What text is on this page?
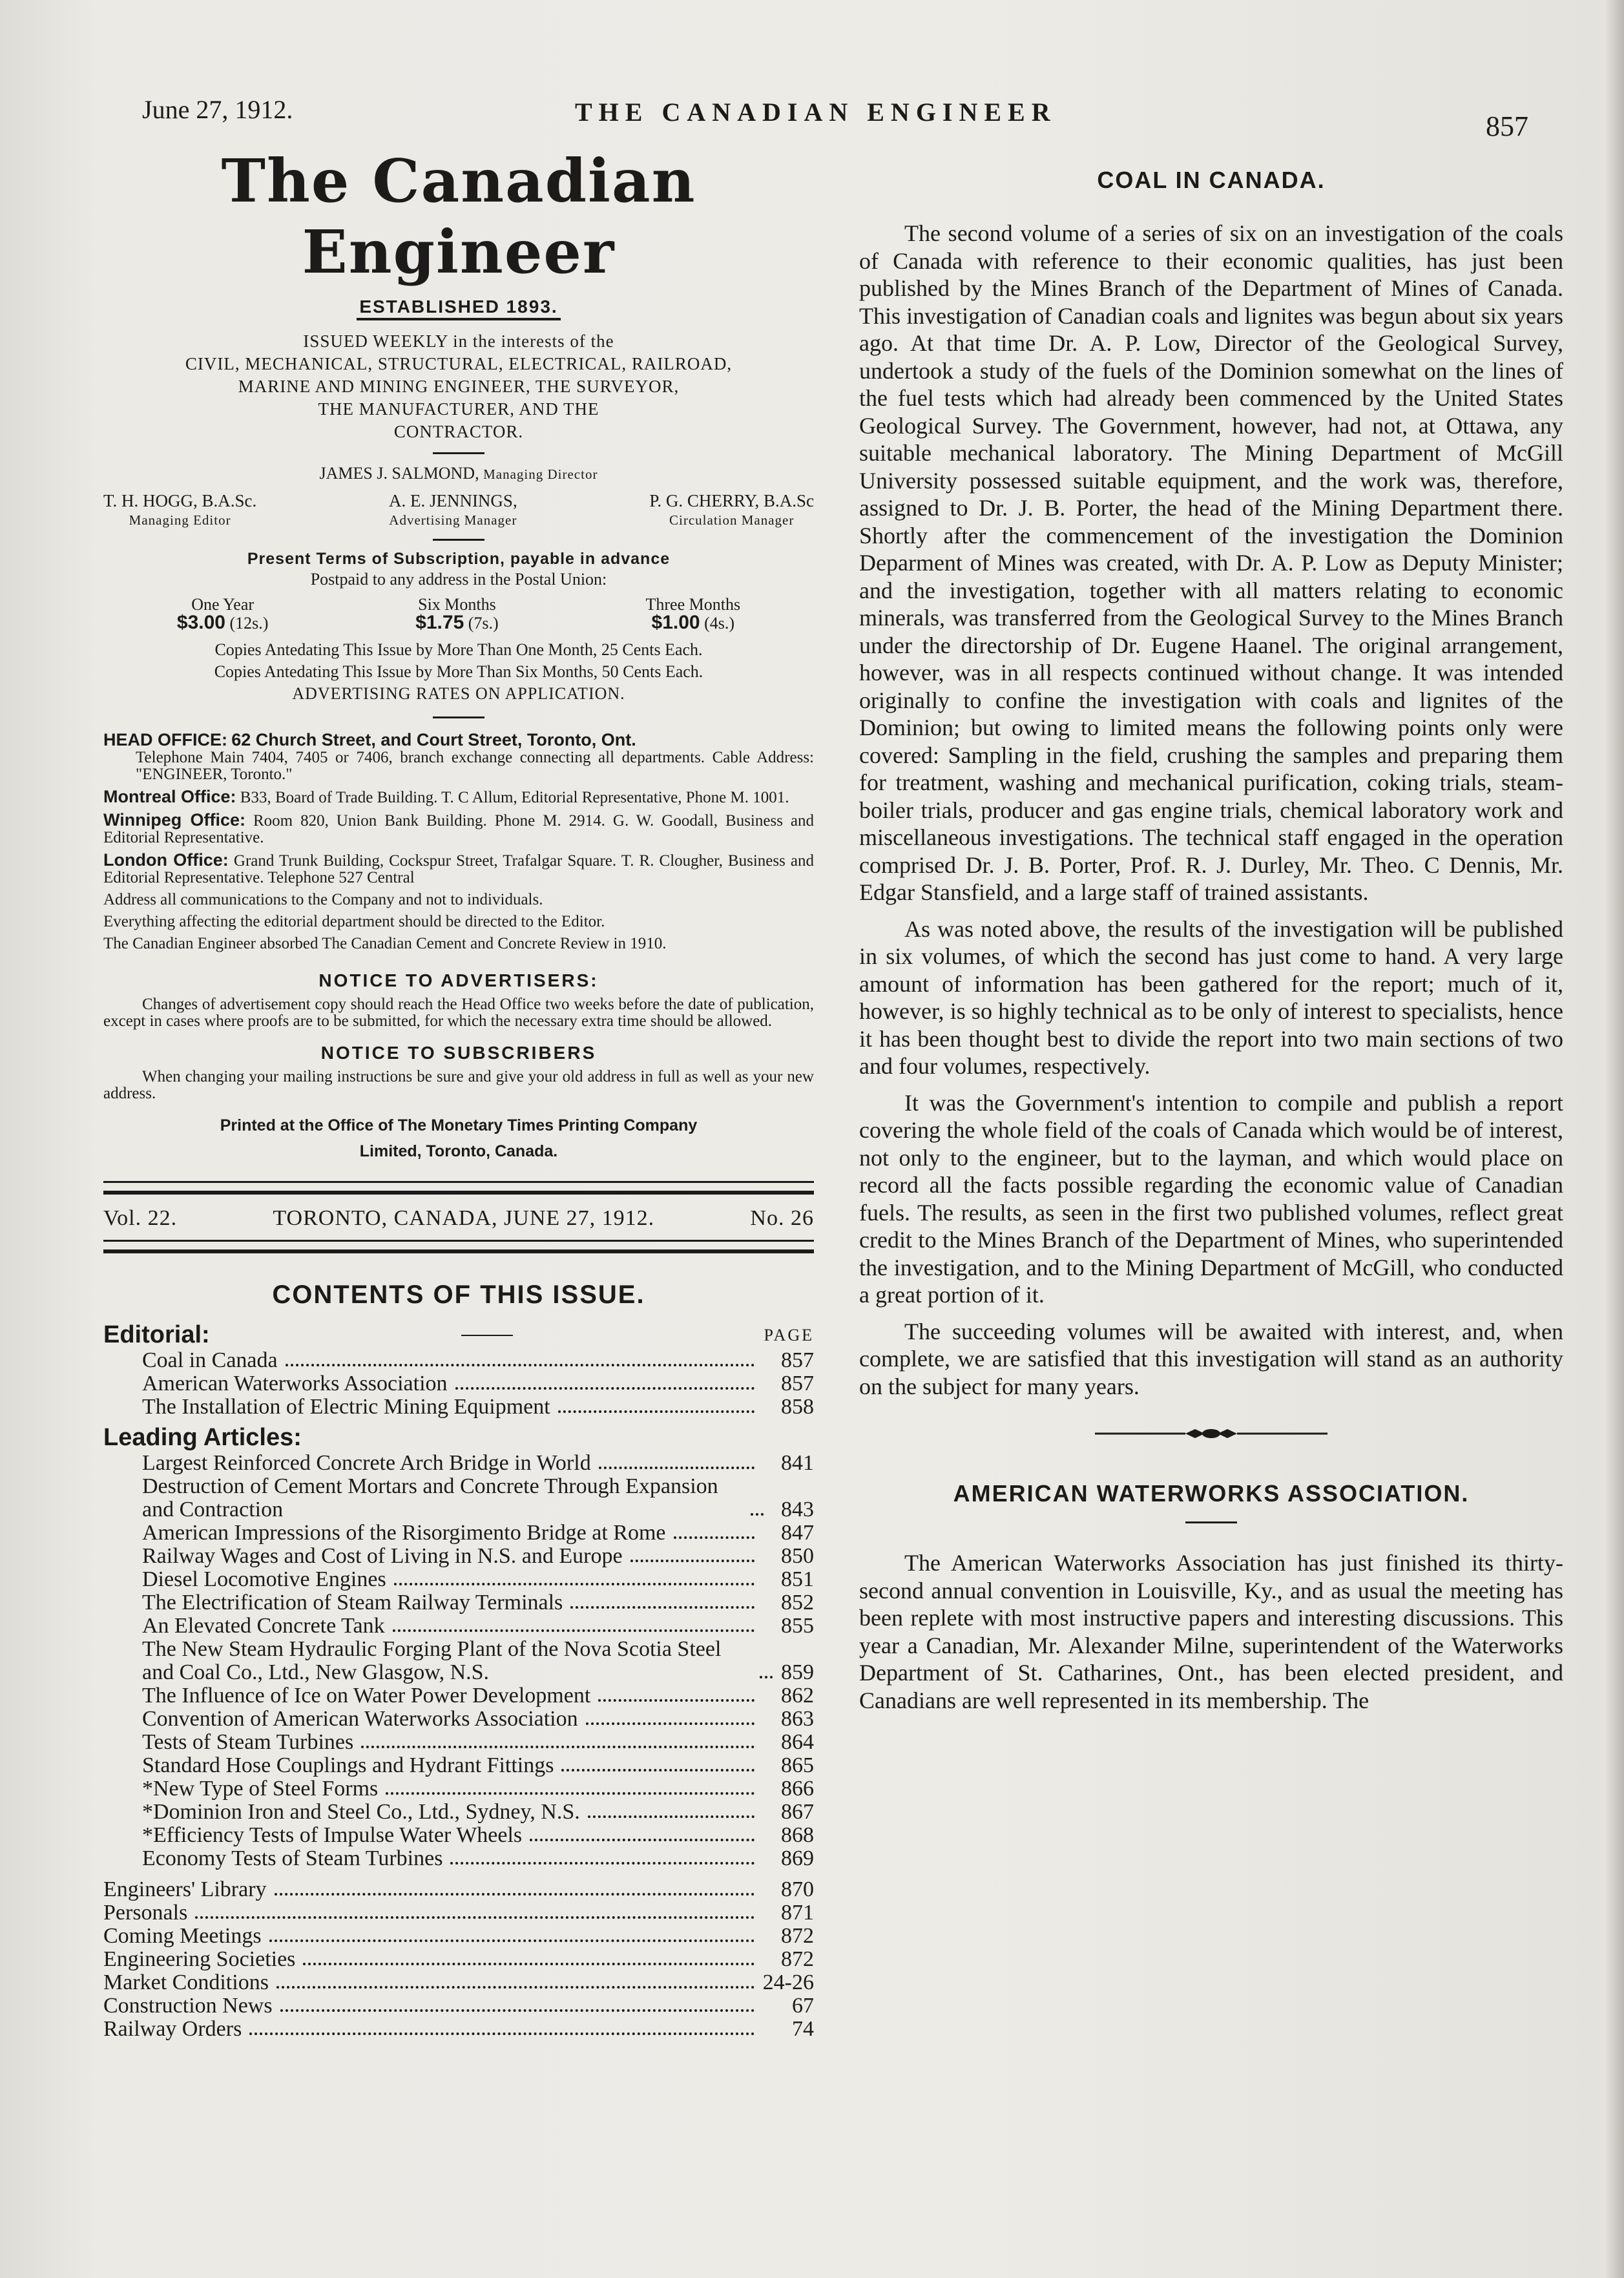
June 27, 1912.	THE CANADIAN ENGINEER	857
The Canadian Engineer
ESTABLISHED 1893.
ISSUED WEEKLY in the interests of the
CIVIL, MECHANICAL, STRUCTURAL, ELECTRICAL, RAILROAD,
MARINE AND MINING ENGINEER, THE SURVEYOR,
THE MANUFACTURER, AND THE
CONTRACTOR.
JAMES J. SALMOND, Managing Director
T. H. HOGG, B.A.Sc.
Managing Editor
A. E. JENNINGS,
Advertising Manager
P. G. CHERRY, B.A.Sc
Circulation Manager
Present Terms of Subscription, payable in advance
Postpaid to any address in the Postal Union:
One Year
$3.00 (12s.)
Six Months
$1.75 (7s.)
Three Months
$1.00 (4s.)
Copies Antedating This Issue by More Than One Month, 25 Cents Each.
Copies Antedating This Issue by More Than Six Months, 50 Cents Each.
ADVERTISING RATES ON APPLICATION.
HEAD OFFICE: 62 Church Street, and Court Street, Toronto, Ont.
Telephone Main 7404, 7405 or 7406, branch exchange connecting all departments. Cable Address: "ENGINEER, Toronto."
Montreal Office: B33, Board of Trade Building. T. C Allum, Editorial Representative, Phone M. 1001.
Winnipeg Office: Room 820, Union Bank Building. Phone M. 2914. G. W. Goodall, Business and Editorial Representative.
London Office: Grand Trunk Building, Cockspur Street, Trafalgar Square. T. R. Clougher, Business and Editorial Representative. Telephone 527 Central
Address all communications to the Company and not to individuals.
Everything affecting the editorial department should be directed to the Editor.
The Canadian Engineer absorbed The Canadian Cement and Concrete Review in 1910.
NOTICE TO ADVERTISERS:
Changes of advertisement copy should reach the Head Office two weeks before the date of publication, except in cases where proofs are to be submitted, for which the necessary extra time should be allowed.
NOTICE TO SUBSCRIBERS
When changing your mailing instructions be sure and give your old address in full as well as your new address.
Printed at the Office of The Monetary Times Printing Company
Limited, Toronto, Canada.
Vol. 22.	TORONTO, CANADA, JUNE 27, 1912.	No. 26
CONTENTS OF THIS ISSUE.
Editorial:	PAGE
Coal in Canada	857
American Waterworks Association	857
The Installation of Electric Mining Equipment	858
Leading Articles:
Largest Reinforced Concrete Arch Bridge in World	841
Destruction of Cement Mortars and Concrete Through Expansion and Contraction	843
American Impressions of the Risorgimento Bridge at Rome	847
Railway Wages and Cost of Living in N.S. and Europe	850
Diesel Locomotive Engines	851
The Electrification of Steam Railway Terminals	852
An Elevated Concrete Tank	855
The New Steam Hydraulic Forging Plant of the Nova Scotia Steel and Coal Co., Ltd., New Glasgow, N.S.	859
The Influence of Ice on Water Power Development	862
Convention of American Waterworks Association	863
Tests of Steam Turbines	864
Standard Hose Couplings and Hydrant Fittings	865
*New Type of Steel Forms	866
*Dominion Iron and Steel Co., Ltd., Sydney, N.S.	867
*Efficiency Tests of Impulse Water Wheels	868
Economy Tests of Steam Turbines	869
Engineers' Library	870
Personals	871
Coming Meetings	872
Engineering Societies	872
Market Conditions	24-26
Construction News	67
Railway Orders	74
COAL IN CANADA.

The second volume of a series of six on an investigation of the coals of Canada with reference to their economic qualities, has just been published by the Mines Branch of the Department of Mines of Canada. This investigation of Canadian coals and lignites was begun about six years ago. At that time Dr. A. P. Low, Director of the Geological Survey, undertook a study of the fuels of the Dominion somewhat on the lines of the fuel tests which had already been commenced by the United States Geological Survey. The Government, however, had not, at Ottawa, any suitable mechanical laboratory. The Mining Department of McGill University possessed suitable equipment, and the work was, therefore, assigned to Dr. J. B. Porter, the head of the Mining Department there. Shortly after the commencement of the investigation the Dominion Deparment of Mines was created, with Dr. A. P. Low as Deputy Minister; and the investigation, together with all matters relating to economic minerals, was transferred from the Geological Survey to the Mines Branch under the directorship of Dr. Eugene Haanel. The original arrangement, however, was in all respects continued without change. It was intended originally to confine the investigation with coals and lignites of the Dominion; but owing to limited means the following points only were covered: Sampling in the field, crushing the samples and preparing them for treatment, washing and mechanical purification, coking trials, steam-boiler trials, producer and gas engine trials, chemical laboratory work and miscellaneous investigations. The technical staff engaged in the operation comprised Dr. J. B. Porter, Prof. R. J. Durley, Mr. Theo. C Dennis, Mr. Edgar Stansfield, and a large staff of trained assistants.

As was noted above, the results of the investigation will be published in six volumes, of which the second has just come to hand. A very large amount of information has been gathered for the report; much of it, however, is so highly technical as to be only of interest to specialists, hence it has been thought best to divide the report into two main sections of two and four volumes, respectively.

It was the Government's intention to compile and publish a report covering the whole field of the coals of Canada which would be of interest, not only to the engineer, but to the layman, and which would place on record all the facts possible regarding the economic value of Canadian fuels. The results, as seen in the first two published volumes, reflect great credit to the Mines Branch of the Department of Mines, who superintended the investigation, and to the Mining Department of McGill, who conducted a great portion of it.

The succeeding volumes will be awaited with interest, and, when complete, we are satisfied that this investigation will stand as an authority on the subject for many years.

AMERICAN WATERWORKS ASSOCIATION.

The American Waterworks Association has just finished its thirty-second annual convention in Louisville, Ky., and as usual the meeting has been replete with most instructive papers and interesting discussions. This year a Canadian, Mr. Alexander Milne, superintendent of the Waterworks Department of St. Catharines, Ont., has been elected president, and Canadians are well represented in its membership. The
